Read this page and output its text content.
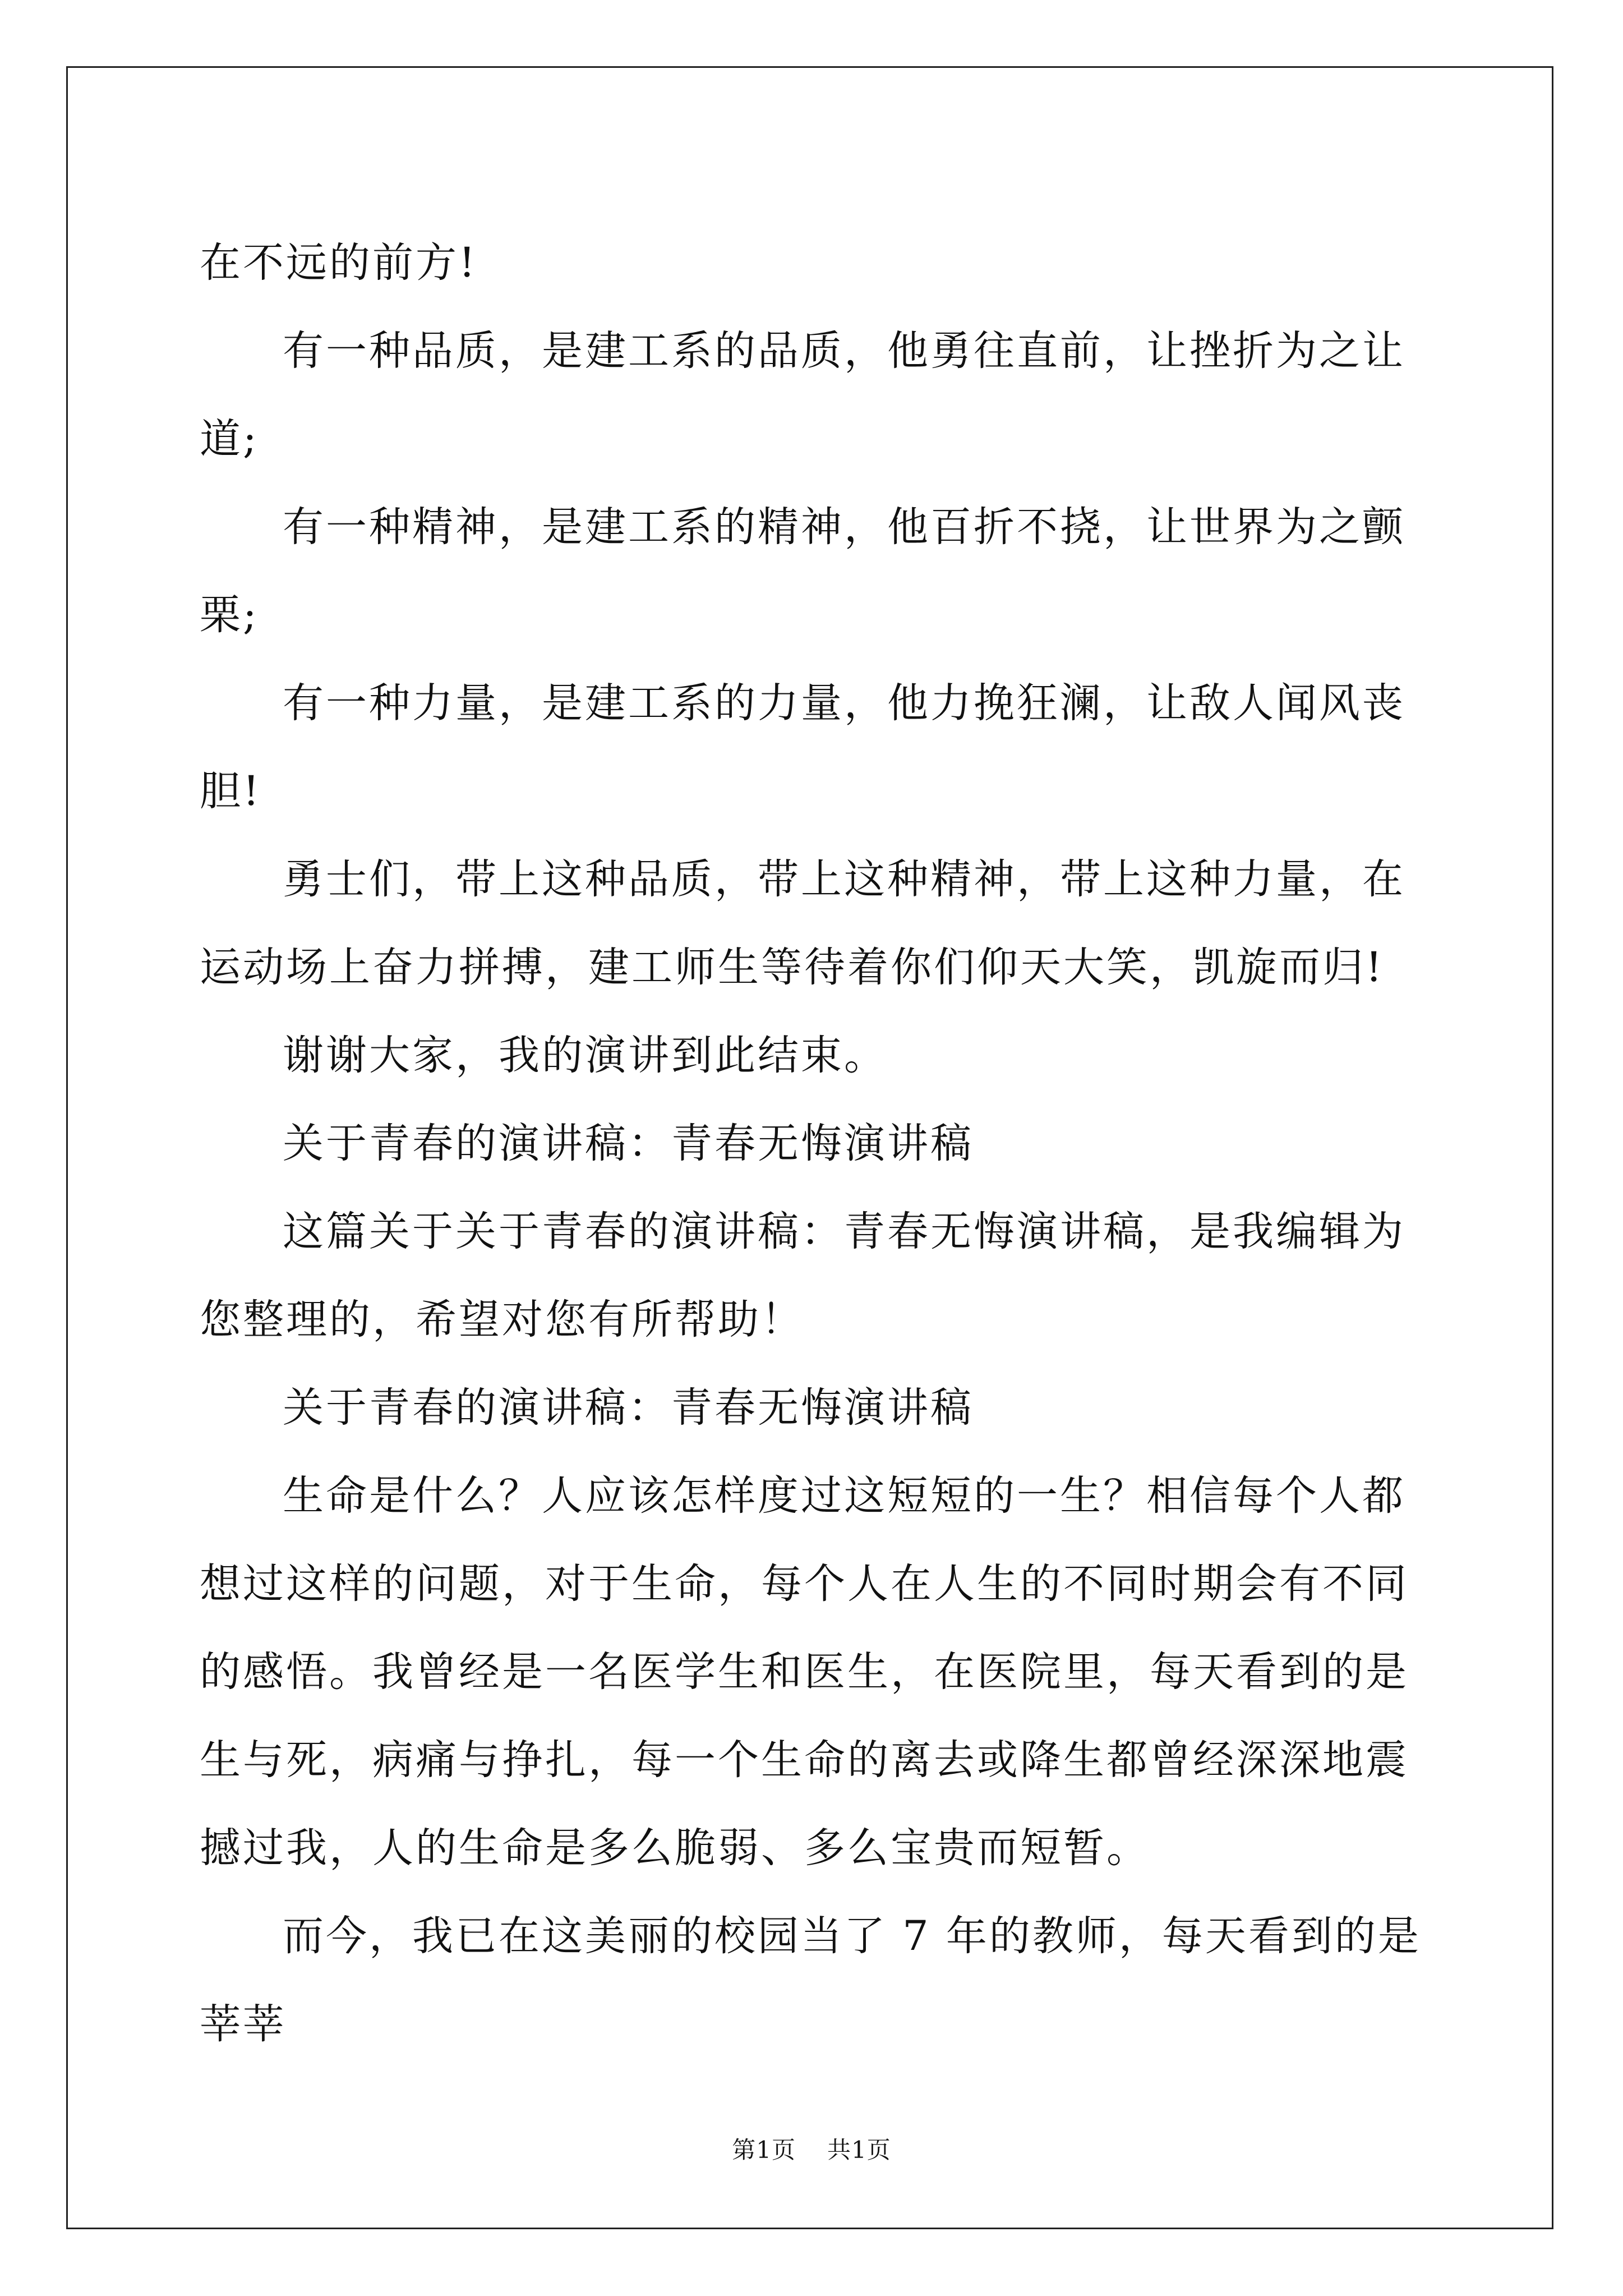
在不远的前方!

有一种品质，是建工系的品质，他勇往直前，让挫折为之让道;

有一种精神，是建工系的精神，他百折不挠，让世界为之颤栗;

有一种力量，是建工系的力量，他力挽狂澜，让敌人闻风丧胆!

勇士们，带上这种品质，带上这种精神，带上这种力量，在运动场上奋力拼搏，建工师生等待着你们仰天大笑，凯旋而归!

谢谢大家，我的演讲到此结束。

关于青春的演讲稿：青春无悔演讲稿

这篇关于关于青春的演讲稿：青春无悔演讲稿，是我编辑为您整理的，希望对您有所帮助！

关于青春的演讲稿：青春无悔演讲稿

生命是什么？人应该怎样度过这短短的一生？相信每个人都想过这样的问题，对于生命，每个人在人生的不同时期会有不同的感悟。我曾经是一名医学生和医生，在医院里，每天看到的是生与死，病痛与挣扎，每一个生命的离去或降生都曾经深深地震撼过我，人的生命是多么脆弱、多么宝贵而短暂。

而今，我已在这美丽的校园当了 7 年的教师，每天看到的是莘莘

第1页 共1页
